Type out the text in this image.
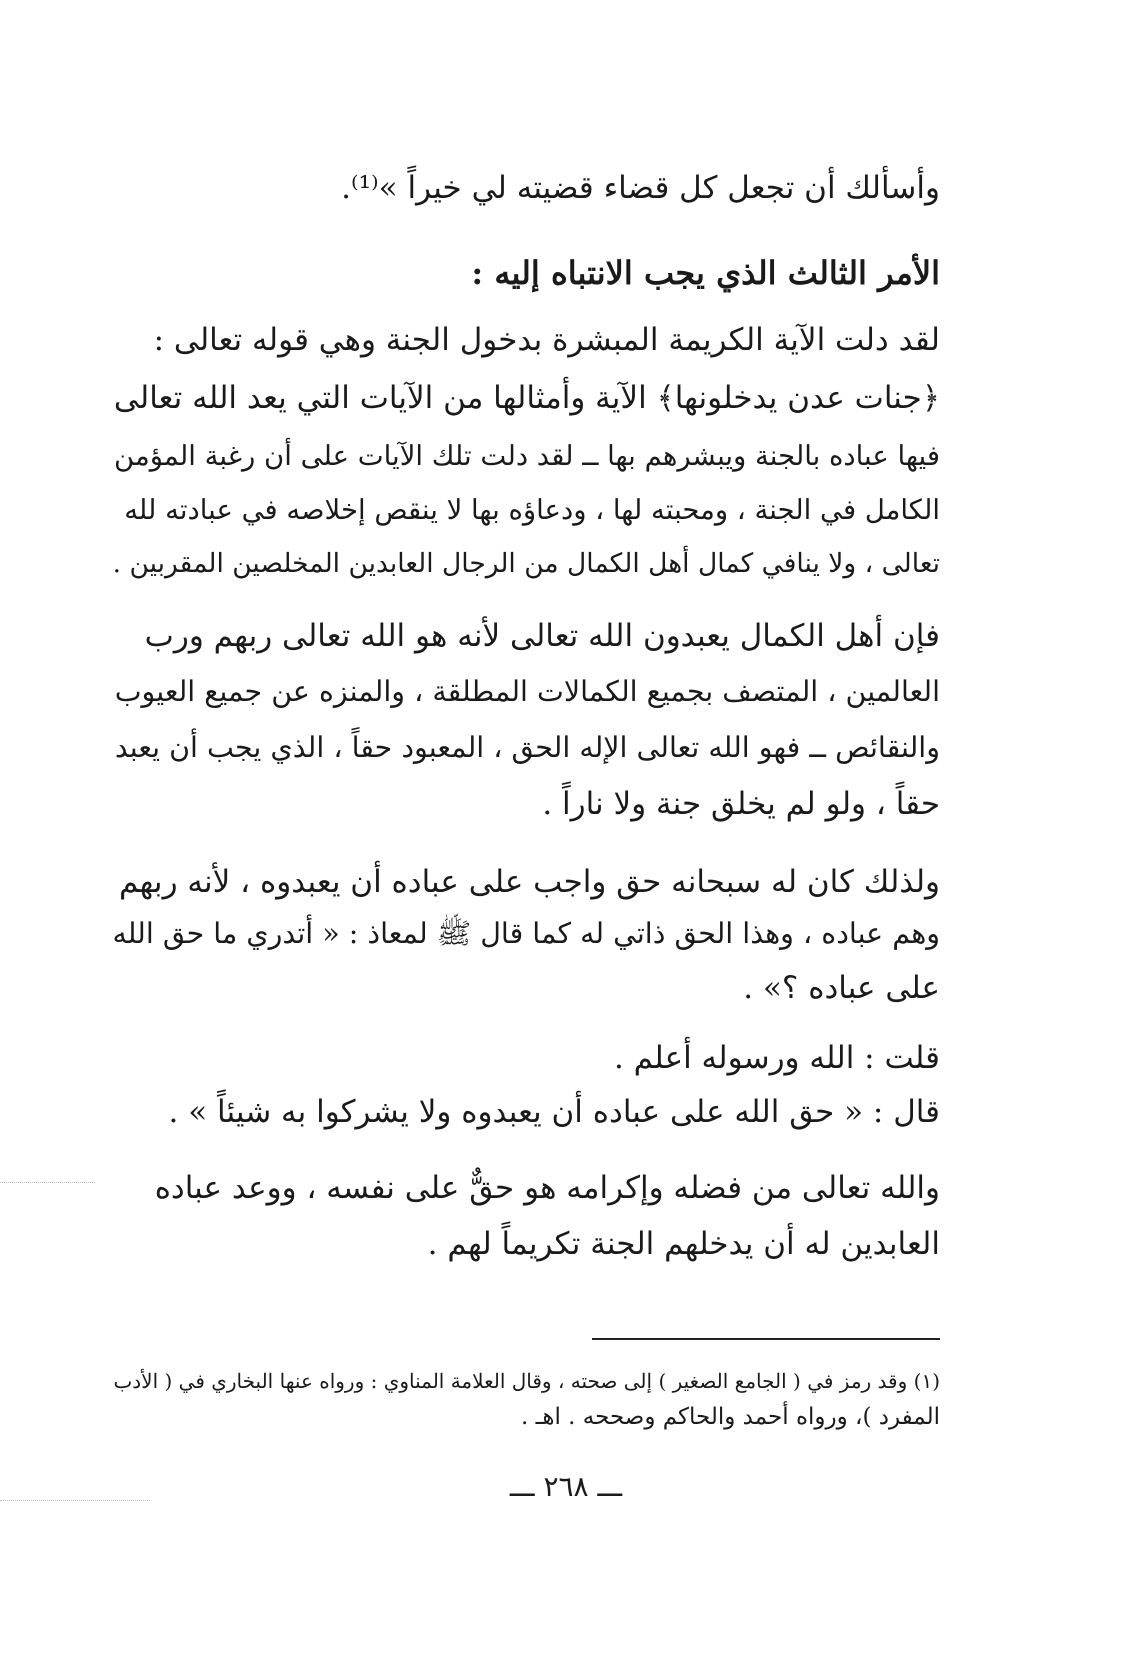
وأسألك أن تجعل كل قضاء قضيته لي خيراً »⁽¹⁾.
الأمر الثالث الذي يجب الانتباه إليه :
لقد دلت الآية الكريمة المبشرة بدخول الجنة وهي قوله تعالى :
﴿جنات عدن يدخلونها﴾ الآية وأمثالها من الآيات التي يعد الله تعالى
فيها عباده بالجنة ويبشرهم بها ــ لقد دلت تلك الآيات على أن رغبة المؤمن
الكامل في الجنة ، ومحبته لها ، ودعاؤه بها لا ينقص إخلاصه في عبادته لله
تعالى ، ولا ينافي كمال أهل الكمال من الرجال العابدين المخلصين المقربين .
فإن أهل الكمال يعبدون الله تعالى لأنه هو الله تعالى ربهم ورب
العالمين ، المتصف بجميع الكمالات المطلقة ، والمنزه عن جميع العيوب
والنقائص ــ فهو الله تعالى الإله الحق ، المعبود حقاً ، الذي يجب أن يعبد
حقاً ، ولو لم يخلق جنة ولا ناراً .
ولذلك كان له سبحانه حق واجب على عباده أن يعبدوه ، لأنه ربهم
وهم عباده ، وهذا الحق ذاتي له كما قال ﷺ لمعاذ : « أتدري ما حق الله
على عباده ؟» .
قلت : الله ورسوله أعلم .
قال : « حق الله على عباده أن يعبدوه ولا يشركوا به شيئاً » .
والله تعالى من فضله وإكرامه هو حقٌّ على نفسه ، ووعد عباده
العابدين له أن يدخلهم الجنة تكريماً لهم .
(١) وقد رمز في ( الجامع الصغير ) إلى صحته ، وقال العلامة المناوي : ورواه عنها البخاري في ( الأدب
المفرد )، ورواه أحمد والحاكم وصححه . اهـ .
ـــ ٢٦٨ ـــ
